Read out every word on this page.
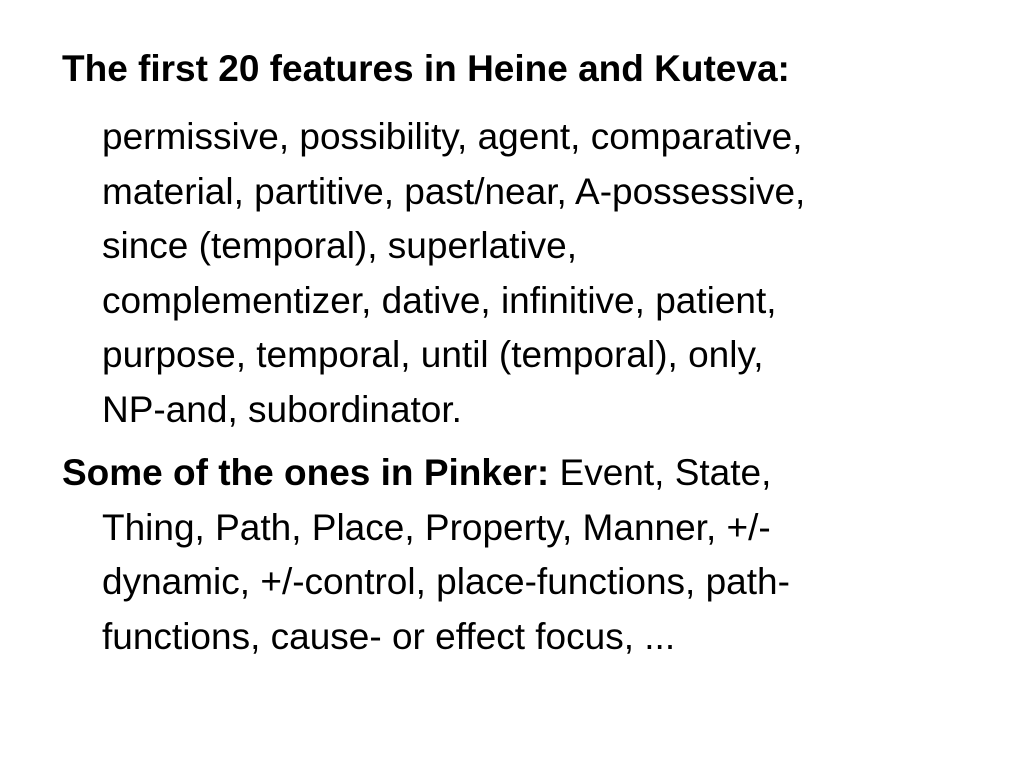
The first 20 features in Heine and Kuteva:
permissive, possibility, agent, comparative,
material, partitive, past/near, A-possessive,
since (temporal), superlative,
complementizer, dative, infinitive, patient,
purpose, temporal, until (temporal), only,
NP-and, subordinator.
Some of the ones in Pinker: Event, State,
Thing, Path, Place, Property, Manner, +/-
dynamic, +/-control, place-functions, path-
functions, cause- or effect focus, ...
